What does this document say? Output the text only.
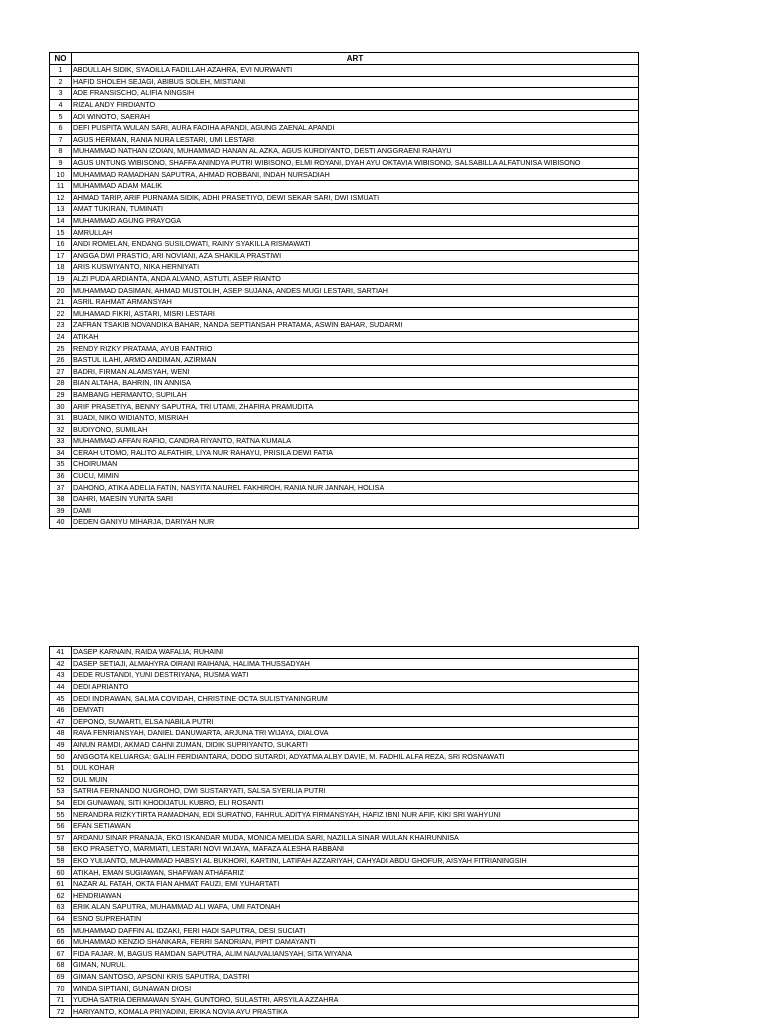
NO	ART
1	ABDULLAH SIDIK, SYAOILLA FADILLAH AZAHRA, EVI NURWANTI
2	HAFID SHOLEH SEJAGI, ABIBUS SOLEH, MISTIANI
3	ADE FRANSISCHO, ALIFIA NINGSIH
4	RIZAL ANDY FIRDIANTO
5	ADI WINOTO, SAERAH
6	DEFI PUSPITA WULAN SARI, AURA FAOIHA APANDI, AGUNG ZAENAL APANDI
7	AGUS HERMAN, RANIA NURA LESTARI, UMI LESTARI
8	MUHAMMAD NATHAN IZOIAN, MUHAMMAD HANAN AL AZKA, AGUS KURDIYANTO, DESTI ANGGRAENI RAHAYU
9	AGUS UNTUNG WIBISONO, SHAFFA ANINDYA PUTRI WIBISONO, ELMI ROYANI, DYAH AYU OKTAVIA WIBISONO, SALSABILLA ALFATUNISA WIBISONO
10	MUHAMMAD RAMADHAN SAPUTRA, AHMAD ROBBANI, INDAH NURSADIAH
11	MUHAMMAD ADAM MALIK
12	AHMAD TARIP, ARIF PURNAMA SIDIK, ADHI PRASETIYO, DEWI SEKAR SARI, DWI ISMUATI
13	AMAT TUKIRAN, TUMINATI
14	MUHAMMAD AGUNG PRAYOGA
15	AMRULLAH
16	ANDI ROMELAN, ENDANG SUSILOWATI, RAINY SYAKILLA RISMAWATI
17	ANGGA DWI PRASTIO, ARI NOVIANI, AZA SHAKILA PRASTIWI
18	ARIS KUSWIYANTO, NIKA HERNIYATI
19	ALZI PUDA ARDIANTA, ANDA ALVANO, ASTUTI, ASEP RIANTO
20	MUHAMMAD DASIMAN, AHMAD MUSTOLIH, ASEP SUJANA, ANDES MUGI LESTARI, SARTIAH
21	ASRIL RAHMAT ARMANSYAH
22	MUHAMAD FIKRI, ASTARI, MISRI LESTARI
23	ZAFRAN TSAKIB NOVANDIKA BAHAR, NANDA SEPTIANSAH PRATAMA, ASWIN BAHAR, SUDARMI
24	ATIKAH
25	RENDY RIZKY PRATAMA, AYUB FANTRIO
26	BASTUL ILAHI, ARMO ANDIMAN, AZIRMAN
27	BADRI, FIRMAN ALAMSYAH, WENI
28	BIAN ALTAHA, BAHRIN, IIN ANNISA
29	BAMBANG HERMANTO, SUPILAH
30	ARIF PRASETIYA, BENNY SAPUTRA, TRI UTAMI, ZHAFIRA PRAMUDITA
31	BUADI, NIKO WIDIANTO, MISRIAH
32	BUDIYONO, SUMILAH
33	MUHAMMAD AFFAN RAFIO, CANDRA RIYANTO, RATNA KUMALA
34	CERAH UTOMO, RALITO ALFATHIR, LIYA NUR RAHAYU, PRISILA DEWI FATIA
35	CHOIRUMAN
36	CUCU, MIMIN
37	DAHONO, ATIKA ADELIA FATIN, NASYITA NAUREL FAKHIROH, RANIA NUR JANNAH, HOLISA
38	DAHRI, MAESIN YUNITA SARI
39	DAMI
40	DEDEN GANIYU MIHARJA, DARIYAH NUR
41	DASEP KARNAIN, RAIDA WAFALIA, RUHAINI
42	DASEP SETIAJI, ALMAHYRA OIRANI RAIHANA, HALIMA THUSSADYAH
43	DEDE RUSTANDI, YUNI DESTRIYANA, RUSMA WATI
44	DEDI APRIANTO
45	DEDI INDRAWAN, SALMA COVIDAH, CHRISTINE OCTA SULISTYANINGRUM
46	DEMYATI
47	DEPONO, SUWARTI, ELSA NABILA PUTRI
48	RAVA FENRIANSYAH, DANIEL DANUWARTA, ARJUNA TRI WIJAYA, DIALOVA
49	AINUN RAMDI, AKMAD CAHNI ZUMAN, DIDIK SUPRIYANTO, SUKARTI
50	ANGGOTA KELUARGA: GALIH FERDIANTARA, DODO SUTARDI, ADYATMA ALBY DAVIE, M. FADHIL ALFA REZA, SRI ROSNAWATI
51	DUL KOHAR
52	DUL MUIN
53	SATRIA FERNANDO NUGROHO, DWI SUSTARYATI, SALSA SYERLIA PUTRI
54	EDI GUNAWAN, SITI KHODIJATUL KUBRO, ELI ROSANTI
55	NERANDRA RIZKYTIRTA RAMADHAN, EDI SURATNO, FAHRUL ADITYA FIRMANSYAH, HAFIZ IBNI NUR AFIF, KIKI SRI WAHYUNI
56	EFAN SETIAWAN
57	ARDANU SINAR PRANAJA, EKO ISKANDAR MUDA, MONICA MELIDA SARI, NAZILLA SINAR WULAN KHAIRUNNISA
58	EKO PRASETYO, MARMIATI, LESTARI NOVI WIJAYA, MAFAZA ALESHA RABBANI
59	EKO YULIANTO, MUHAMMAD HABSYI AL BUKHORI, KARTINI, LATIFAH AZZARIYAH, CAHYADI ABDU GHOFUR, AISYAH FITRIANINGSIH
60	ATIKAH, EMAN SUGIAWAN, SHAFWAN ATHAFARIZ
61	NAZAR AL FATAH, OKTA FIAN AHMAT FAUZI, EMI YUHARTATI
62	HENDRIAWAN
63	ERIK ALAN SAPUTRA, MUHAMMAD ALI WAFA, UMI FATONAH
64	ESNO SUPREHATIN
65	MUHAMMAD DAFFIN AL IDZAKI, FERI HADI SAPUTRA, DESI SUCIATI
66	MUHAMMAD KENZIO SHANKARA, FERRI SANDRIAN, PIPIT DAMAYANTI
67	FIDA FAJAR. M, BAGUS RAMDAN SAPUTRA, ALIM NAUVALIANSYAH, SITA WIYANA
68	GIMAN, NURUL
69	GIMAN SANTOSO, APSONI KRIS SAPUTRA, DASTRI
70	WINDA SIPTIANI, GUNAWAN DIOSI
71	YUDHA SATRIA DERMAWAN SYAH, GUNTORO, SULASTRI, ARSYILA AZZAHRA
72	HARIYANTO, KOMALA PRIYADINI, ERIKA NOVIA AYU PRASTIKA
